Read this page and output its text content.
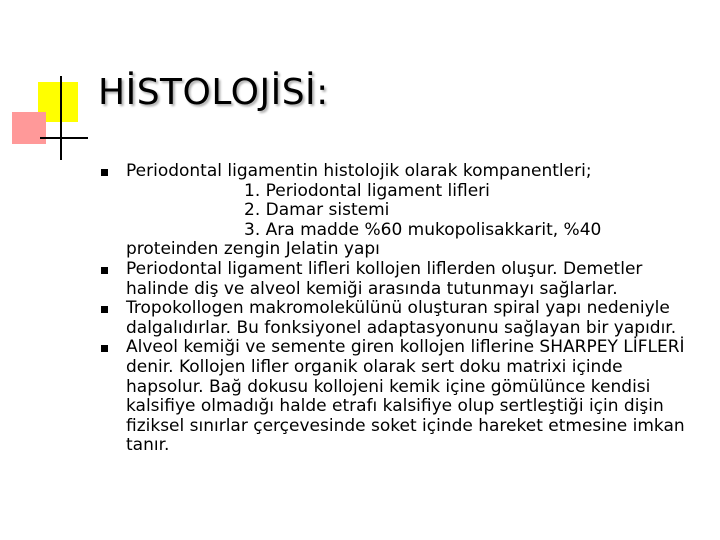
HİSTOLOJİSİ:
Periodontal ligamentin histolojik olarak kompanentleri;
1. Periodontal ligament lifleri
2. Damar sistemi
3. Ara madde %60 mukopolisakkarit, %40
proteinden zengin Jelatin yapı
Periodontal ligament lifleri kollojen liflerden oluşur. Demetler halinde diş ve alveol kemiği arasında tutunmayı sağlarlar.
Tropokollogen makromolekülünü oluşturan spiral yapı nedeniyle dalgalıdırlar. Bu fonksiyonel adaptasyonunu sağlayan bir yapıdır.
Alveol kemiği ve semente giren kollojen liflerine SHARPEY LİFLERİ denir. Kollojen lifler organik olarak sert doku matrixi içinde hapsolur. Bağ dokusu kollojeni kemik içine gömülünce kendisi kalsifiye olmadığı halde etrafı kalsifiye olup sertleştiği için dişin fiziksel sınırlar çerçevesinde soket içinde hareket etmesine imkan tanır.
